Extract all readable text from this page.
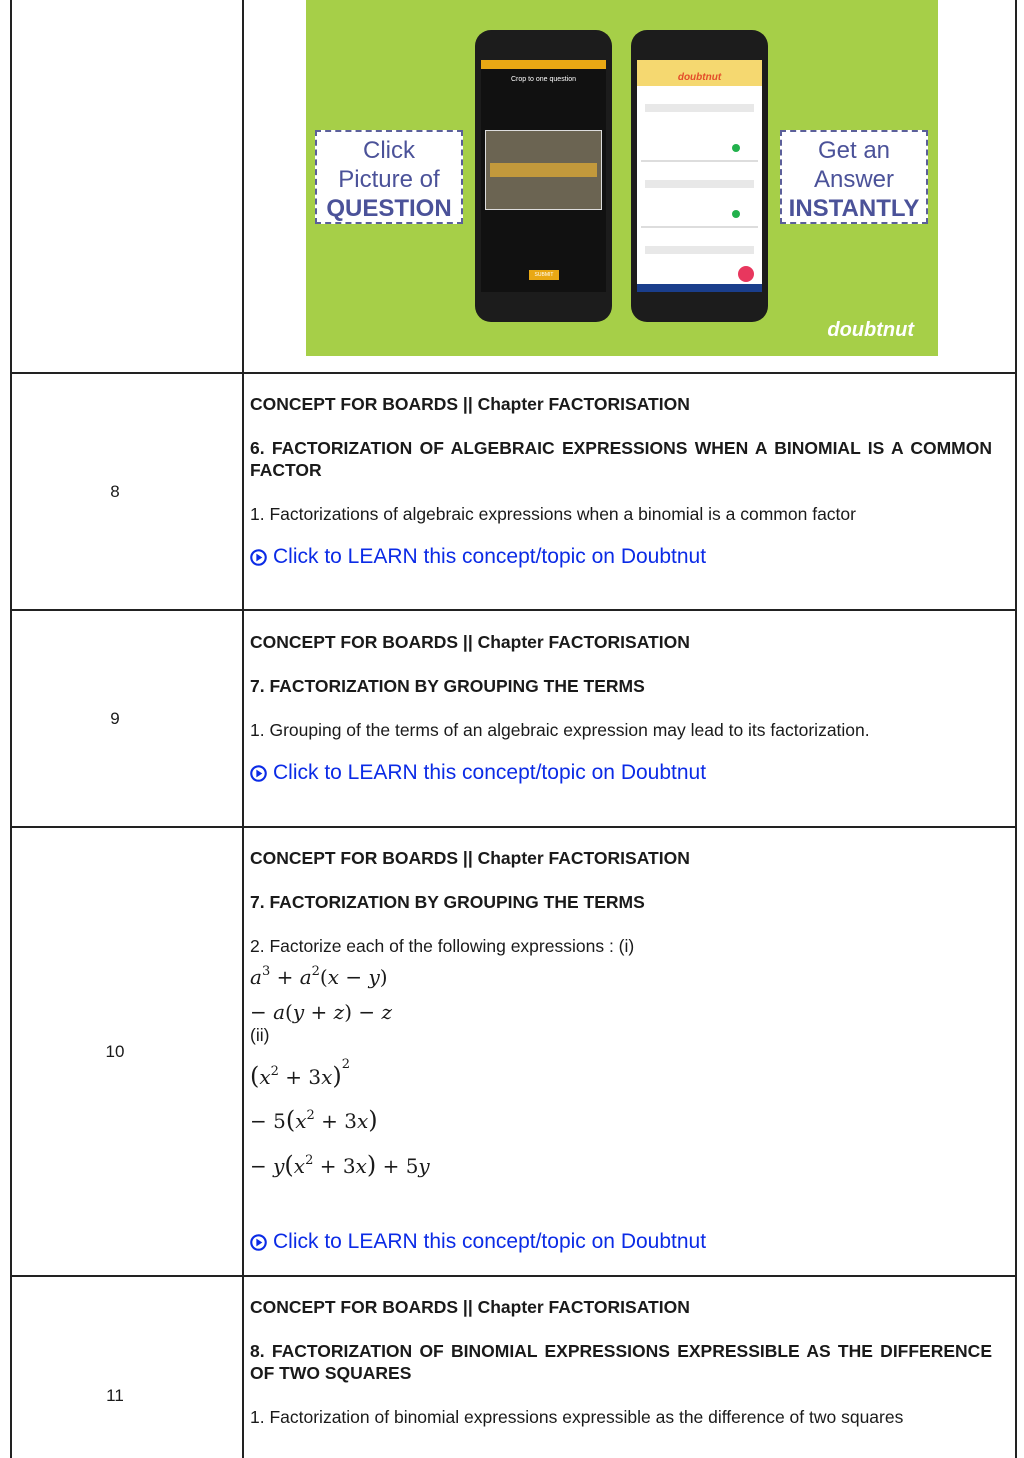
Click
Picture of
QUESTION
Crop to one question
SUBMIT
doubtnut
Get an
Answer
INSTANTLY
doubtnut
8

CONCEPT FOR BOARDS || Chapter FACTORISATION

6. FACTORIZATION OF ALGEBRAIC EXPRESSIONS WHEN A BINOMIAL IS A COMMON FACTOR

1. Factorizations of algebraic expressions when a binomial is a common factor

Click to LEARN this concept/topic on Doubtnut
9

CONCEPT FOR BOARDS || Chapter FACTORISATION

7. FACTORIZATION BY GROUPING THE TERMS

1. Grouping of the terms of an algebraic expression may lead to its factorization.

Click to LEARN this concept/topic on Doubtnut
10

CONCEPT FOR BOARDS || Chapter FACTORISATION

7. FACTORIZATION BY GROUPING THE TERMS

2. Factorize each of the following expressions : (i)

$a^3 + a^2(x - y)$
− a(y + z) − z

(ii)

$(x^2 + 3x)^2$
− $5(x^2 + 3x)$
− $y(x^2 + 3x) + 5y$
Click to LEARN this concept/topic on Doubtnut
11

CONCEPT FOR BOARDS || Chapter FACTORISATION

8. FACTORIZATION OF BINOMIAL EXPRESSIONS EXPRESSIBLE AS THE DIFFERENCE OF TWO SQUARES

1. Factorization of binomial expressions expressible as the difference of two squares
